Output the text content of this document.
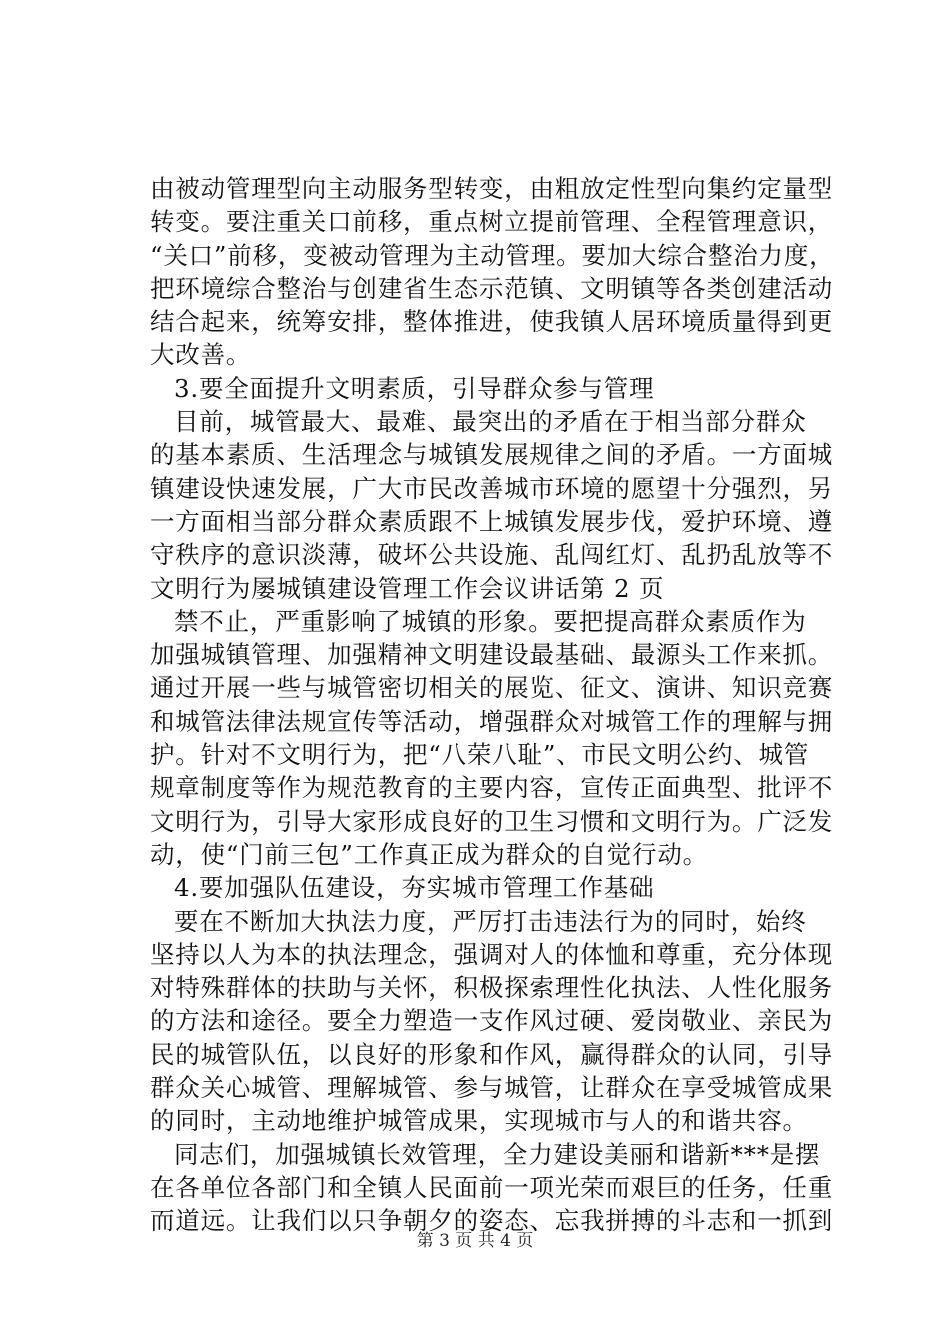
由被动管理型向主动服务型转变，由粗放定性型向集约定量型
转变。要注重关口前移，重点树立提前管理、全程管理意识，
“关口”前移，变被动管理为主动管理。要加大综合整治力度，
把环境综合整治与创建省生态示范镇、文明镇等各类创建活动
结合起来，统筹安排，整体推进，使我镇人居环境质量得到更
大改善。
3.要全面提升文明素质，引导群众参与管理
目前，城管最大、最难、最突出的矛盾在于相当部分群众
的基本素质、生活理念与城镇发展规律之间的矛盾。一方面城
镇建设快速发展，广大市民改善城市环境的愿望十分强烈，另
一方面相当部分群众素质跟不上城镇发展步伐，爱护环境、遵
守秩序的意识淡薄，破坏公共设施、乱闯红灯、乱扔乱放等不
文明行为屡城镇建设管理工作会议讲话第 2 页
禁不止，严重影响了城镇的形象。要把提高群众素质作为
加强城镇管理、加强精神文明建设最基础、最源头工作来抓。
通过开展一些与城管密切相关的展览、征文、演讲、知识竞赛
和城管法律法规宣传等活动，增强群众对城管工作的理解与拥
护。针对不文明行为，把“八荣八耻”、市民文明公约、城管
规章制度等作为规范教育的主要内容，宣传正面典型、批评不
文明行为，引导大家形成良好的卫生习惯和文明行为。广泛发
动，使“门前三包”工作真正成为群众的自觉行动。
4.要加强队伍建设，夯实城市管理工作基础
要在不断加大执法力度，严厉打击违法行为的同时，始终
坚持以人为本的执法理念，强调对人的体恤和尊重，充分体现
对特殊群体的扶助与关怀，积极探索理性化执法、人性化服务
的方法和途径。要全力塑造一支作风过硬、爱岗敬业、亲民为
民的城管队伍，以良好的形象和作风，赢得群众的认同，引导
群众关心城管、理解城管、参与城管，让群众在享受城管成果
的同时，主动地维护城管成果，实现城市与人的和谐共容。
同志们，加强城镇长效管理，全力建设美丽和谐新***是摆
在各单位各部门和全镇人民面前一项光荣而艰巨的任务，任重
而道远。让我们以只争朝夕的姿态、忘我拼搏的斗志和一抓到
第 3 页 共 4 页
